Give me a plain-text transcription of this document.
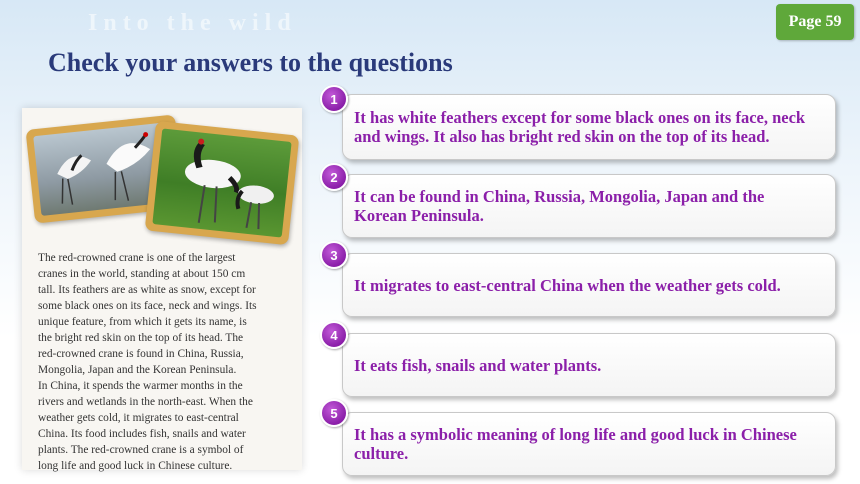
Into the wild	Page 59
Check your answers to the questions
The red-crowned crane is one of the largest
cranes in the world, standing at about 150 cm
tall. Its feathers are as white as snow, except for
some black ones on its face, neck and wings. Its
unique feature, from which it gets its name, is
the bright red skin on the top of its head. The
red-crowned crane is found in China, Russia,
Mongolia, Japan and the Korean Peninsula.
In China, it spends the warmer months in the
rivers and wetlands in the north-east. When the
weather gets cold, it migrates to east-central
China. Its food includes fish, snails and water
plants. The red-crowned crane is a symbol of
long life and good luck in Chinese culture.
It has white feathers except for some black ones on its face, neck and wings. It also has bright red skin on the top of its head.
1
It can be found in China, Russia, Mongolia, Japan and the Korean Peninsula.
2
It migrates to east-central China when the weather gets cold.
3
It eats fish, snails and water plants.
4
It has a symbolic meaning of long life and good luck in Chinese culture.
5
